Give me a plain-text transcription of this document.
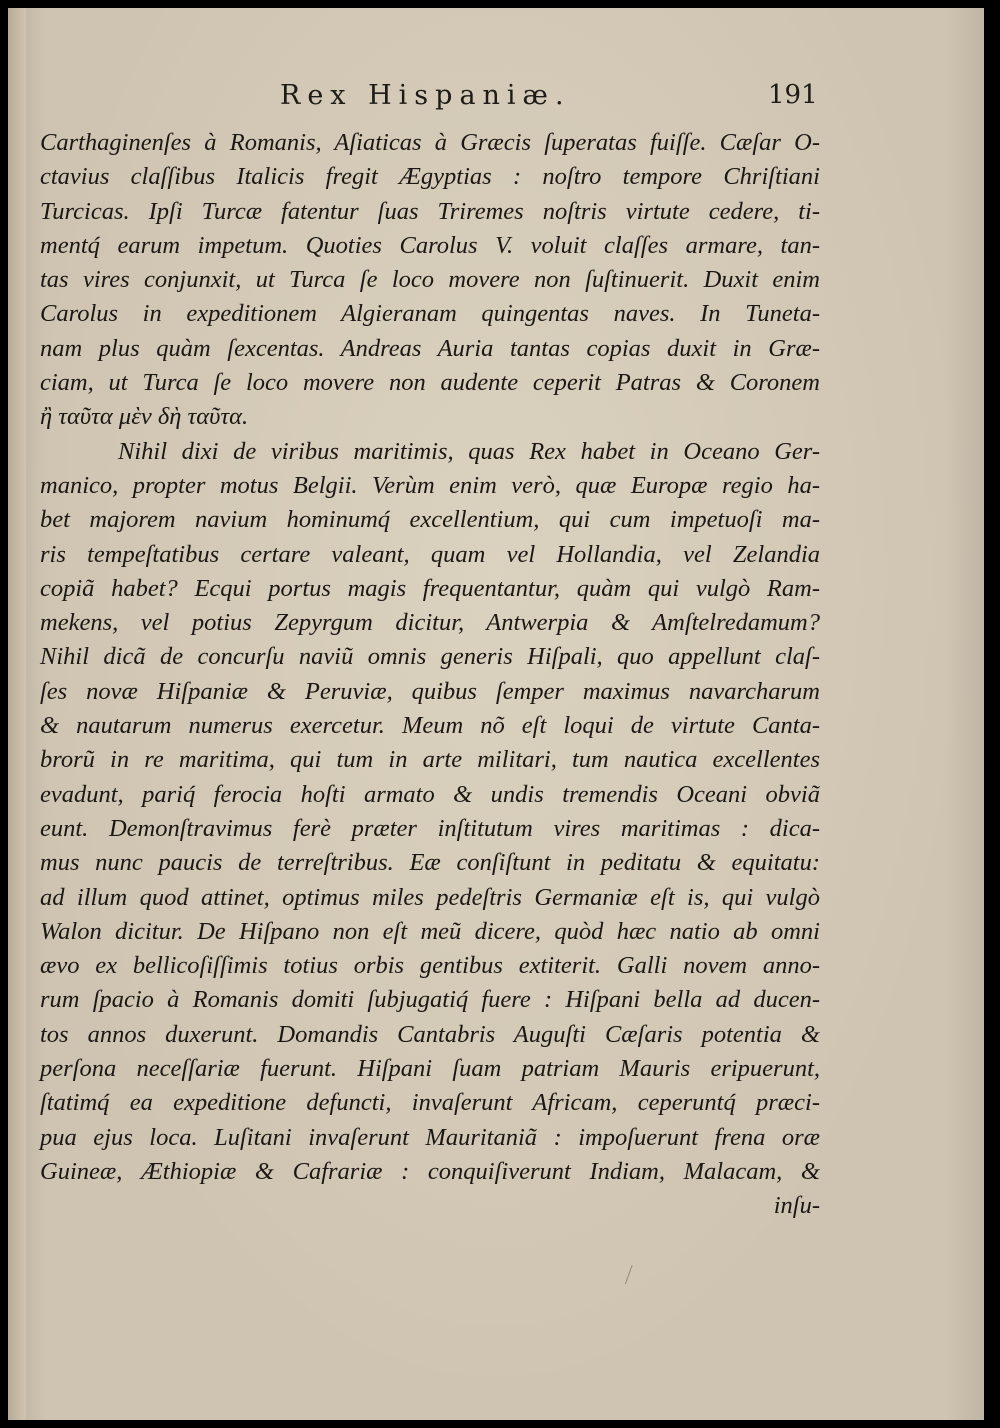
Rex Hispaniæ.	191
Carthaginenſes à Romanis, Aſiaticas à Græcis ſuperatas fuiſſe. Cæſar O-
ctavius claſſibus Italicis fregit Ægyptias : noſtro tempore Chriſtiani
Turcicas. Ipſi Turcæ fatentur ſuas Triremes noſtris virtute cedere, ti-
mentq́ earum impetum. Quoties Carolus V. voluit claſſes armare, tan-
tas vires conjunxit, ut Turca ſe loco movere non ſuſtinuerit. Duxit enim
Carolus in expeditionem Algieranam quingentas naves. In Tuneta-
nam plus quàm ſexcentas. Andreas Auria tantas copias duxit in Græ-
ciam, ut Turca ſe loco movere non audente ceperit Patras & Coronem
ἢ ταῦτα μὲν δὴ ταῦτα.
Nihil dixi de viribus maritimis, quas Rex habet in Oceano Ger-
manico, propter motus Belgii. Verùm enim verò, quæ Europæ regio ha-
bet majorem navium hominumq́ excellentium, qui cum impetuoſi ma-
ris tempeſtatibus certare valeant, quam vel Hollandia, vel Zelandia
copiã habet? Ecqui portus magis frequentantur, quàm qui vulgò Ram-
mekens, vel potius Zepyrgum dicitur, Antwerpia & Amſtelredamum?
Nihil dicã de concurſu naviũ omnis generis Hiſpali, quo appellunt claſ-
ſes novæ Hiſpaniæ & Peruviæ, quibus ſemper maximus navarcharum
& nautarum numerus exercetur. Meum nõ eſt loqui de virtute Canta-
brorũ in re maritima, qui tum in arte militari, tum nautica excellentes
evadunt, pariq́ ferocia hoſti armato & undis tremendis Oceani obviã
eunt. Demonſtravimus ferè præter inſtitutum vires maritimas : dica-
mus nunc paucis de terreſtribus. Eæ conſiſtunt in peditatu & equitatu:
ad illum quod attinet, optimus miles pedeſtris Germaniæ eſt is, qui vulgò
Walon dicitur. De Hiſpano non eſt meũ dicere, quòd hæc natio ab omni
ævo ex bellicoſiſſimis totius orbis gentibus extiterit. Galli novem anno-
rum ſpacio à Romanis domiti ſubjugatiq́ fuere : Hiſpani bella ad ducen-
tos annos duxerunt. Domandis Cantabris Auguſti Cæſaris potentia &
perſona neceſſariæ fuerunt. Hiſpani ſuam patriam Mauris eripuerunt,
ſtatimq́ ea expeditione defuncti, invaſerunt Africam, ceperuntq́ præci-
pua ejus loca. Luſitani invaſerunt Mauritaniã : impoſuerunt frena oræ
Guineæ, Æthiopiæ & Cafrariæ : conquiſiverunt Indiam, Malacam, &
inſu-
